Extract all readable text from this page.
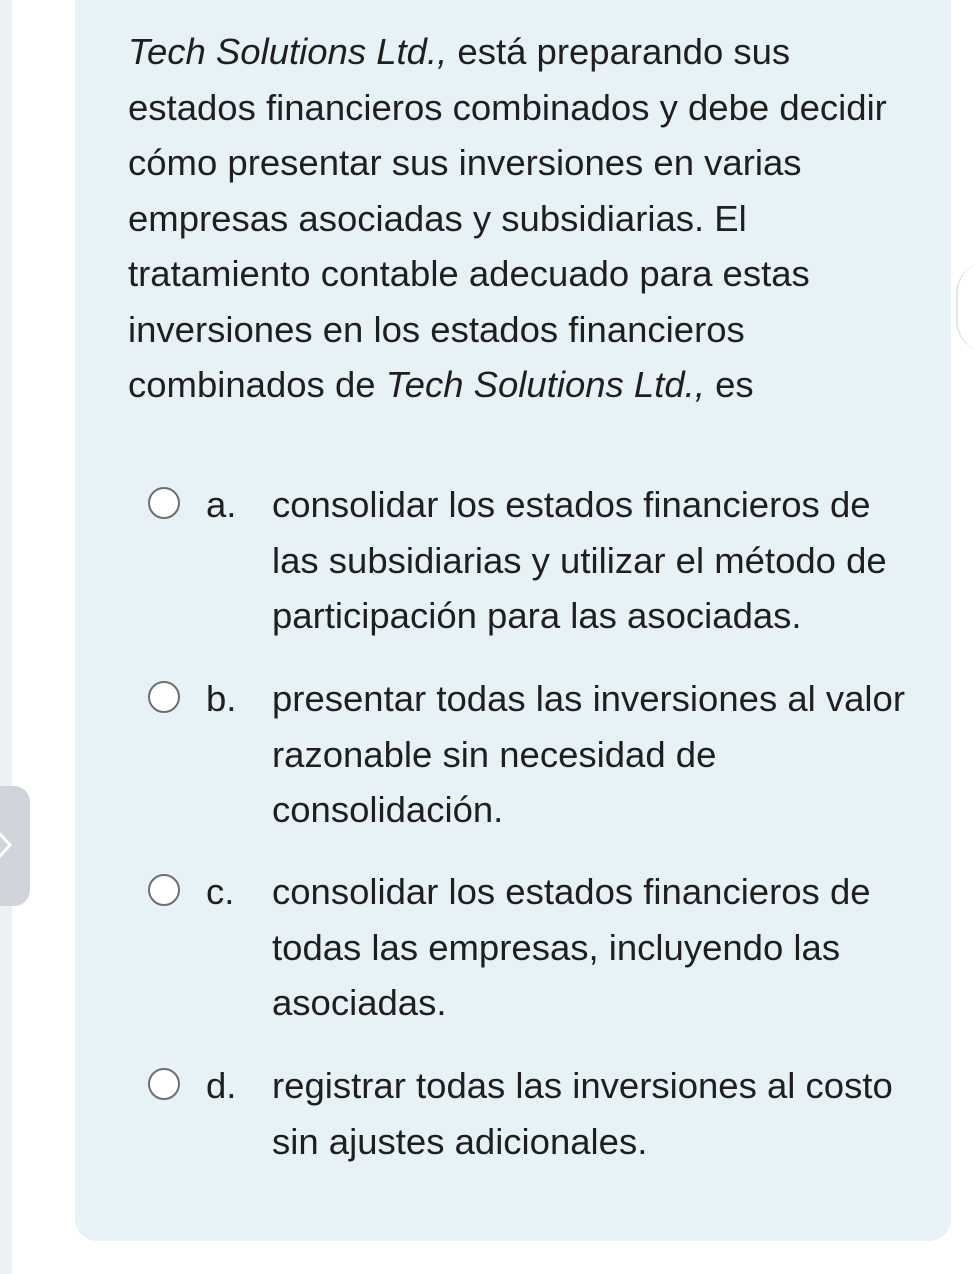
Tech Solutions Ltd., está preparando sus estados financieros combinados y debe decidir cómo presentar sus inversiones en varias empresas asociadas y subsidiarias. El tratamiento contable adecuado para estas inversiones en los estados financieros combinados de Tech Solutions Ltd., es

a. consolidar los estados financieros de las subsidiarias y utilizar el método de participación para las asociadas.
b. presentar todas las inversiones al valor razonable sin necesidad de consolidación.
c. consolidar los estados financieros de todas las empresas, incluyendo las asociadas.
d. registrar todas las inversiones al costo sin ajustes adicionales.
